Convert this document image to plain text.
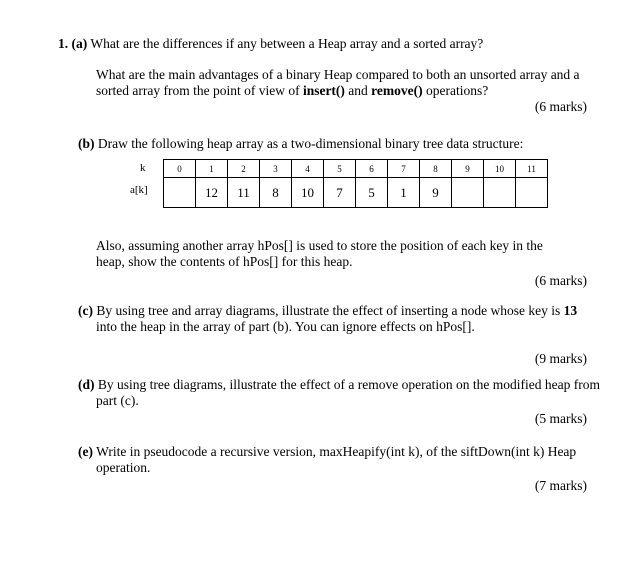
1. (a) What are the differences if any between a Heap array and a sorted array?
What are the main advantages of a binary Heap compared to both an unsorted array and a sorted array from the point of view of insert() and remove() operations?
(6 marks)
(b) Draw the following heap array as a two-dimensional binary tree data structure:
k
a[k]
0	1	2	3	4	5	6	7	8	9	10	11
	12	11	8	10	7	5	1	9			
Also, assuming another array hPos[] is used to store the position of each key in the heap, show the contents of hPos[] for this heap.
(6 marks)
(c) By using tree and array diagrams, illustrate the effect of inserting a node whose key is 13 into the heap in the array of part (b). You can ignore effects on hPos[].
(9 marks)
(d) By using tree diagrams, illustrate the effect of a remove operation on the modified heap from part (c).
(5 marks)
(e) Write in pseudocode a recursive version, maxHeapify(int k), of the siftDown(int k) Heap operation.
(7 marks)
